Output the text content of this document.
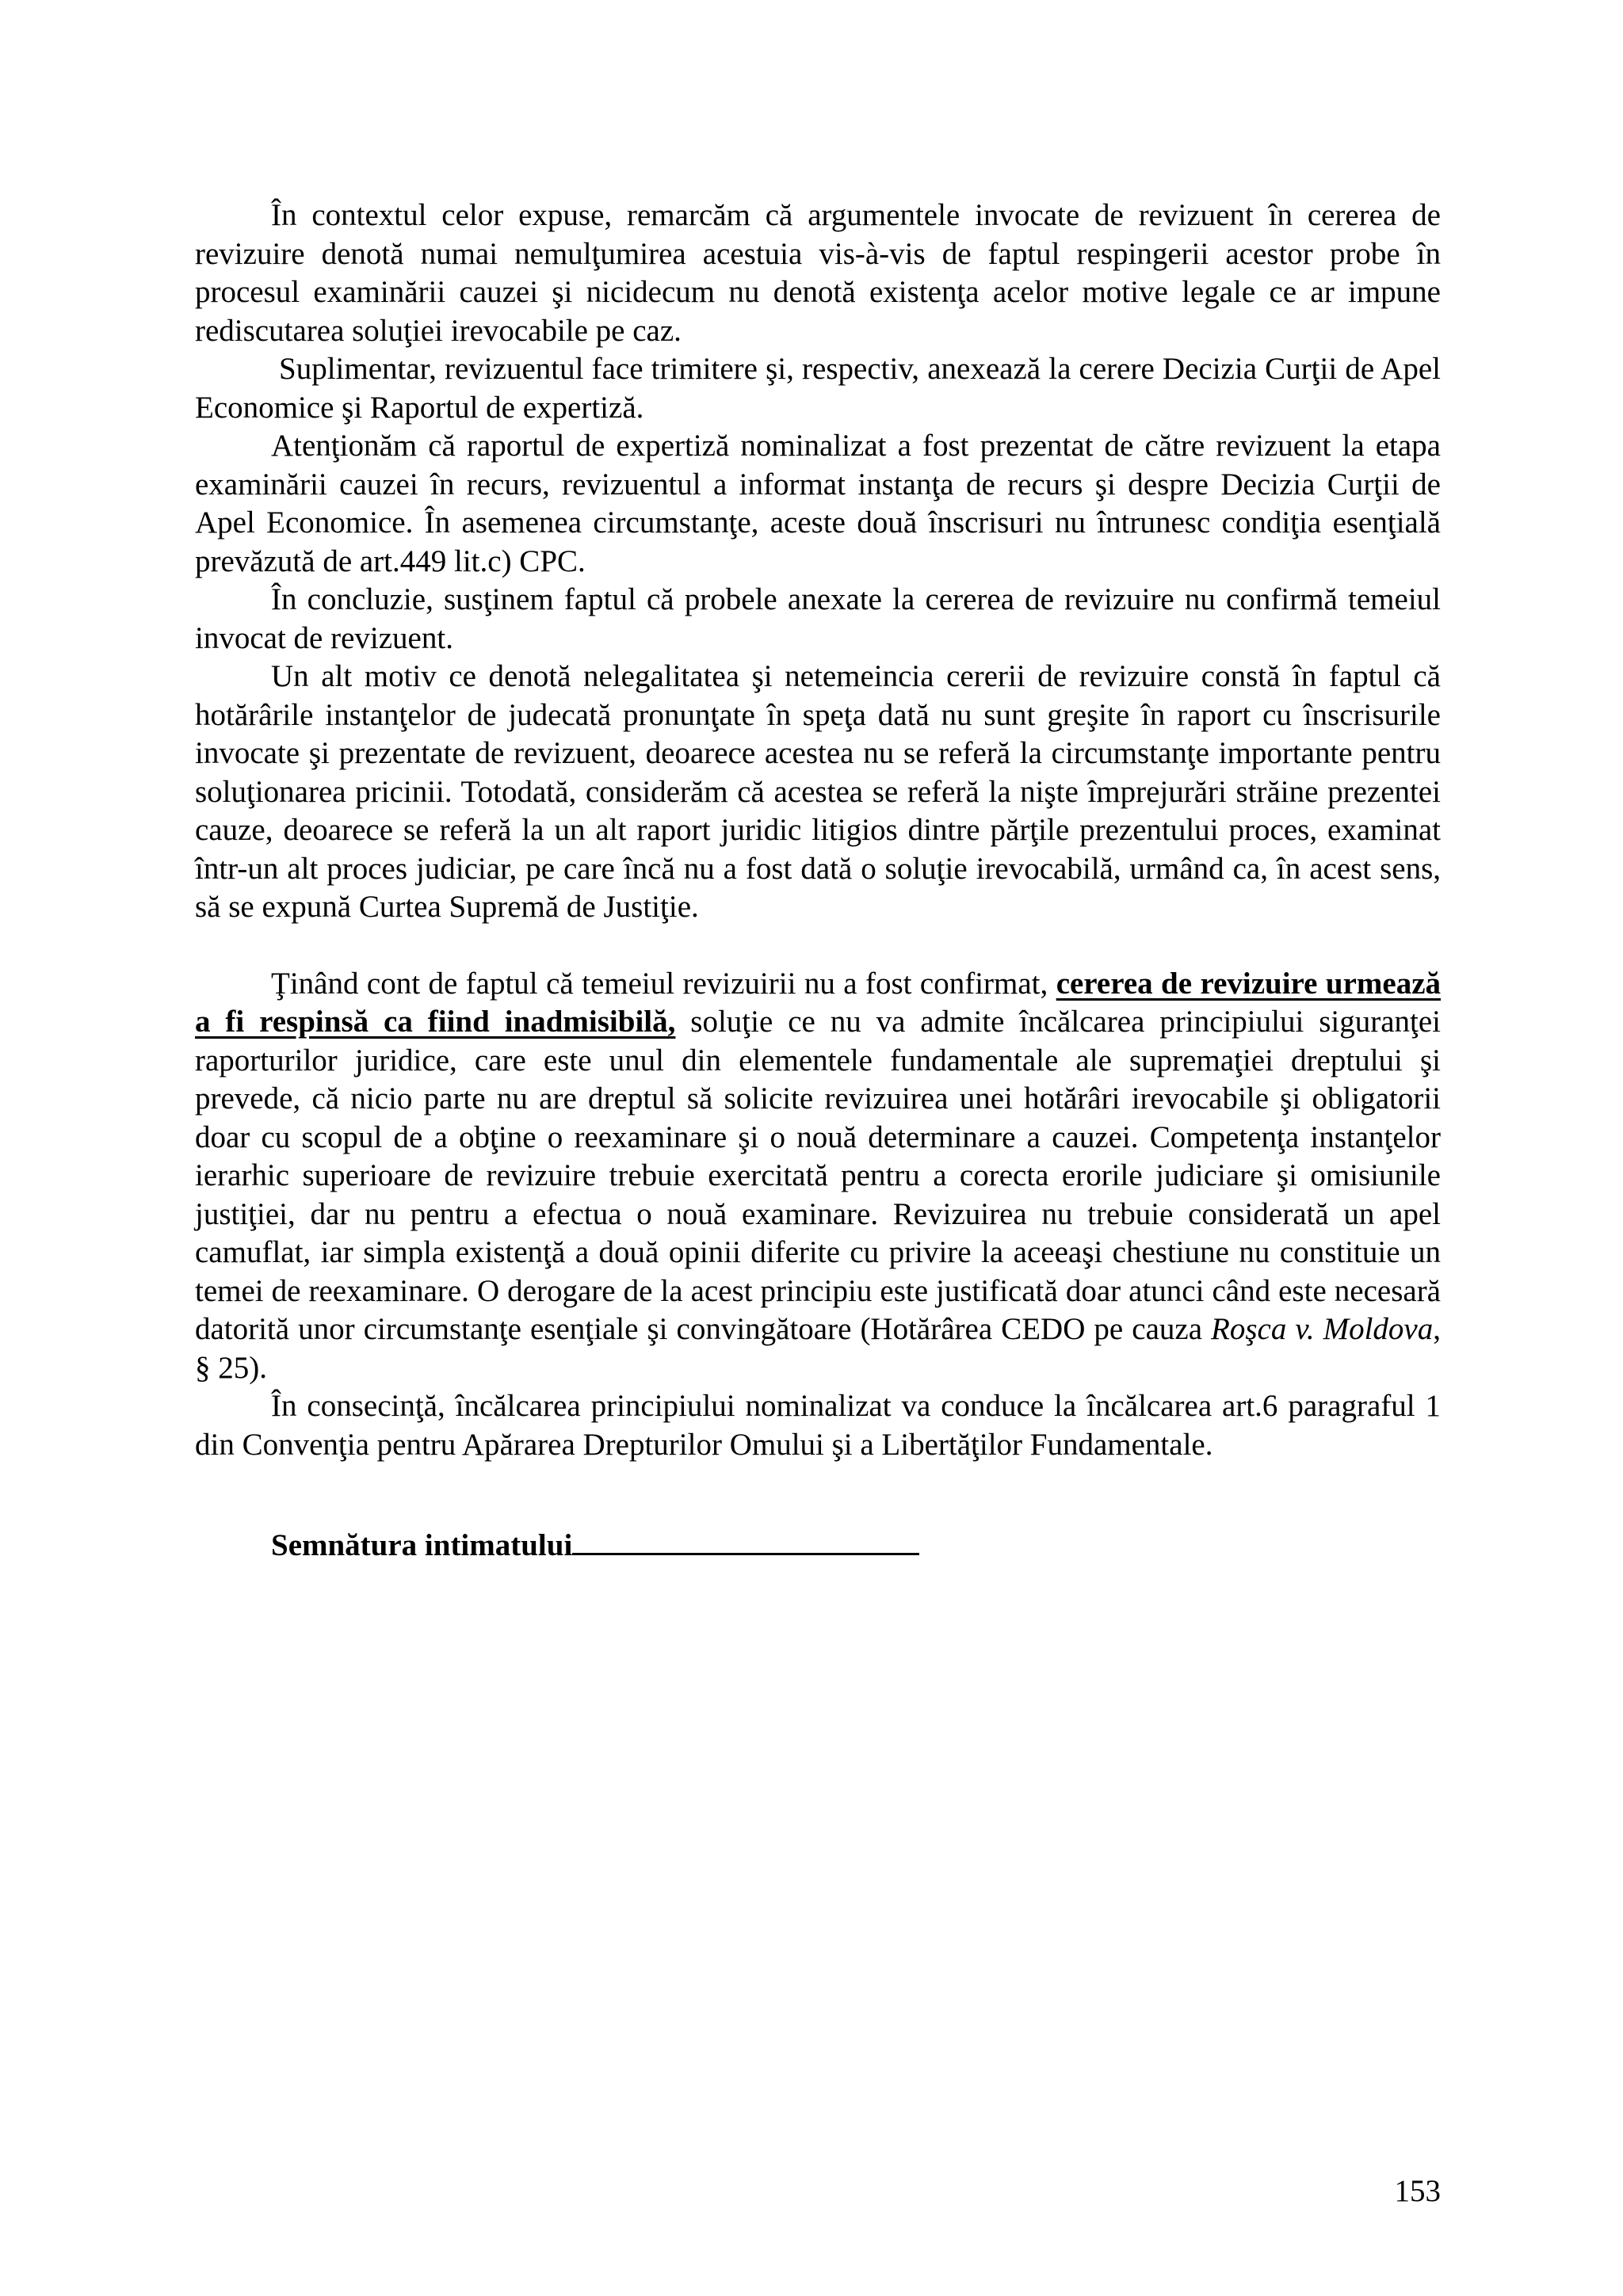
În contextul celor expuse, remarcăm că argumentele invocate de revizuent în cererea de revizuire denotă numai nemulţumirea acestuia vis-à-vis de faptul respingerii acestor probe în procesul examinării cauzei şi nicidecum nu denotă existenţa acelor motive legale ce ar impune rediscutarea soluţiei irevocabile pe caz.

Suplimentar, revizuentul face trimitere şi, respectiv, anexează la cerere Decizia Curţii de Apel Economice şi Raportul de expertiză.

Atenţionăm că raportul de expertiză nominalizat a fost prezentat de către revizuent la etapa examinării cauzei în recurs, revizuentul a informat instanţa de recurs şi despre Decizia Curţii de Apel Economice. În asemenea circumstanţe, aceste două înscrisuri nu întrunesc condiţia esenţială prevăzută de art.449 lit.c) CPC.

În concluzie, susţinem faptul că probele anexate la cererea de revizuire nu confirmă temeiul invocat de revizuent.

Un alt motiv ce denotă nelegalitatea şi netemeincia cererii de revizuire constă în faptul că hotărârile instanţelor de judecată pronunţate în speţa dată nu sunt greşite în raport cu înscrisurile invocate şi prezentate de revizuent, deoarece acestea nu se referă la circumstanţe importante pentru soluţionarea pricinii. Totodată, considerăm că acestea se referă la nişte împrejurări străine prezentei cauze, deoarece se referă la un alt raport juridic litigios dintre părţile prezentului proces, examinat într-un alt proces judiciar, pe care încă nu a fost dată o soluţie irevocabilă, urmând ca, în acest sens, să se expună Curtea Supremă de Justiţie.

Ţinând cont de faptul că temeiul revizuirii nu a fost confirmat, cererea de revizuire urmează a fi respinsă ca fiind inadmisibilă, soluţie ce nu va admite încălcarea principiului siguranţei raporturilor juridice, care este unul din elementele fundamentale ale supremaţiei dreptului şi prevede, că nicio parte nu are dreptul să solicite revizuirea unei hotărâri irevocabile şi obligatorii doar cu scopul de a obţine o reexaminare şi o nouă determinare a cauzei. Competenţa instanţelor ierarhic superioare de revizuire trebuie exercitată pentru a corecta erorile judiciare şi omisiunile justiţiei, dar nu pentru a efectua o nouă examinare. Revizuirea nu trebuie considerată un apel camuflat, iar simpla existenţă a două opinii diferite cu privire la aceeaşi chestiune nu constituie un temei de reexaminare. O derogare de la acest principiu este justificată doar atunci când este necesară datorită unor circumstanţe esenţiale şi convingătoare (Hotărârea CEDO pe cauza Roşca v. Moldova, § 25).

În consecinţă, încălcarea principiului nominalizat va conduce la încălcarea art.6 paragraful 1 din Convenţia pentru Apărarea Drepturilor Omului şi a Libertăţilor Fundamentale.

Semnătura intimatului
153
